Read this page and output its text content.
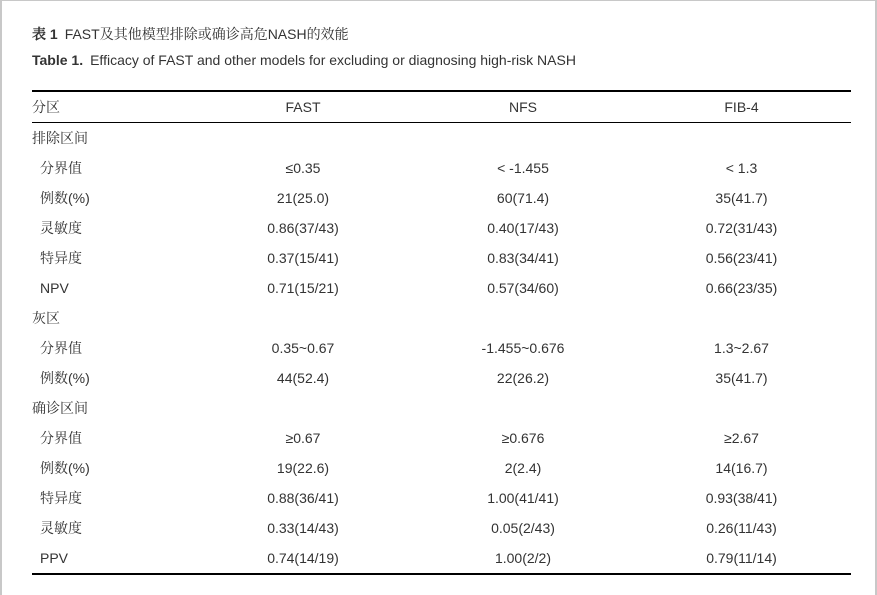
表 1 FAST及其他模型排除或确诊高危NASH的效能

Table 1. Efficacy of FAST and other models for excluding or diagnosing high-risk NASH

分区	FAST	NFS	FIB-4
排除区间			
分界值	≤0.35	< -1.455	< 1.3
例数(%)	21(25.0)	60(71.4)	35(41.7)
灵敏度	0.86(37/43)	0.40(17/43)	0.72(31/43)
特异度	0.37(15/41)	0.83(34/41)	0.56(23/41)
NPV	0.71(15/21)	0.57(34/60)	0.66(23/35)
灰区			
分界值	0.35~0.67	-1.455~0.676	1.3~2.67
例数(%)	44(52.4)	22(26.2)	35(41.7)
确诊区间			
分界值	≥0.67	≥0.676	≥2.67
例数(%)	19(22.6)	2(2.4)	14(16.7)
特异度	0.88(36/41)	1.00(41/41)	0.93(38/41)
灵敏度	0.33(14/43)	0.05(2/43)	0.26(11/43)
PPV	0.74(14/19)	1.00(2/2)	0.79(11/14)
